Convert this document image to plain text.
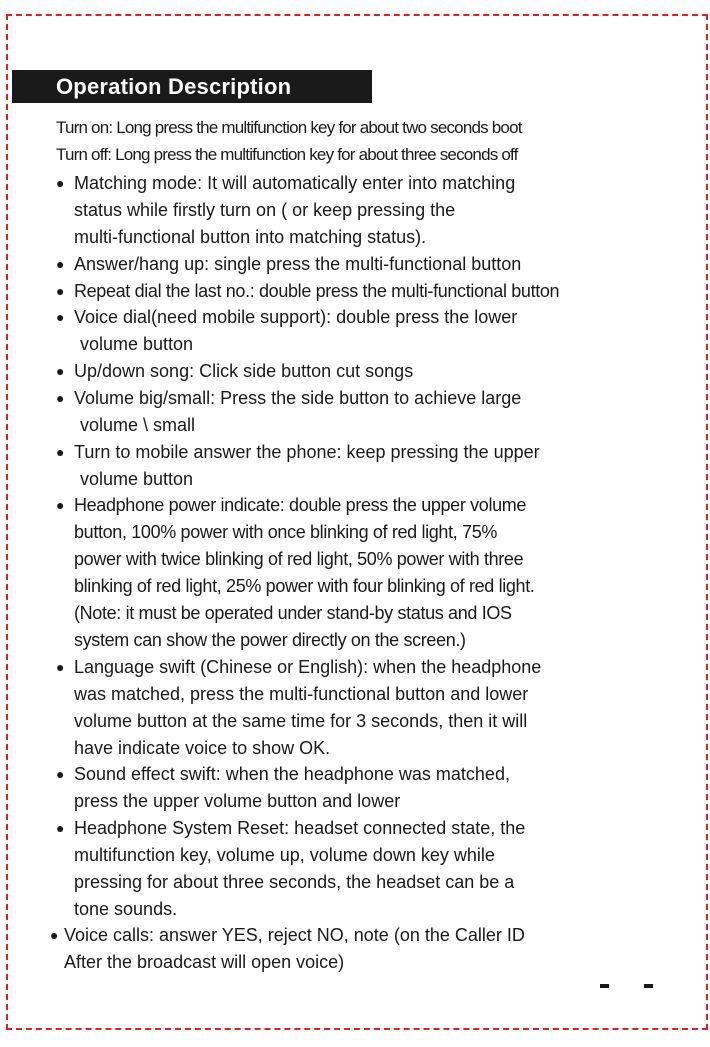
Operation Description
Turn on: Long press the multifunction key for about two seconds boot
Turn off: Long press the multifunction key for about three seconds off
● Matching mode: It will automatically enter into matching
status while firstly turn on ( or keep pressing the
multi-functional button into matching status).
● Answer/hang up: single press the multi-functional button
● Repeat dial the last no.: double press the multi-functional button
● Voice dial(need mobile support): double press the lower
volume button
● Up/down song: Click side button cut songs
● Volume big/small: Press the side button to achieve large
volume \ small
● Turn to mobile answer the phone: keep pressing the upper
volume button
● Headphone power indicate: double press the upper volume
button, 100% power with once blinking of red light, 75%
power with twice blinking of red light, 50% power with three
blinking of red light, 25% power with four blinking of red light.
(Note: it must be operated under stand-by status and IOS
system can show the power directly on the screen.)
● Language swift (Chinese or English): when the headphone
was matched, press the multi-functional button and lower
volume button at the same time for 3 seconds, then it will
have indicate voice to show OK.
● Sound effect swift: when the headphone was matched,
press the upper volume button and lower
● Headphone System Reset: headset connected state, the
multifunction key, volume up, volume down key while
pressing for about three seconds, the headset can be a
tone sounds.
● Voice calls: answer YES, reject NO, note (on the Caller ID
After the broadcast will open voice)
